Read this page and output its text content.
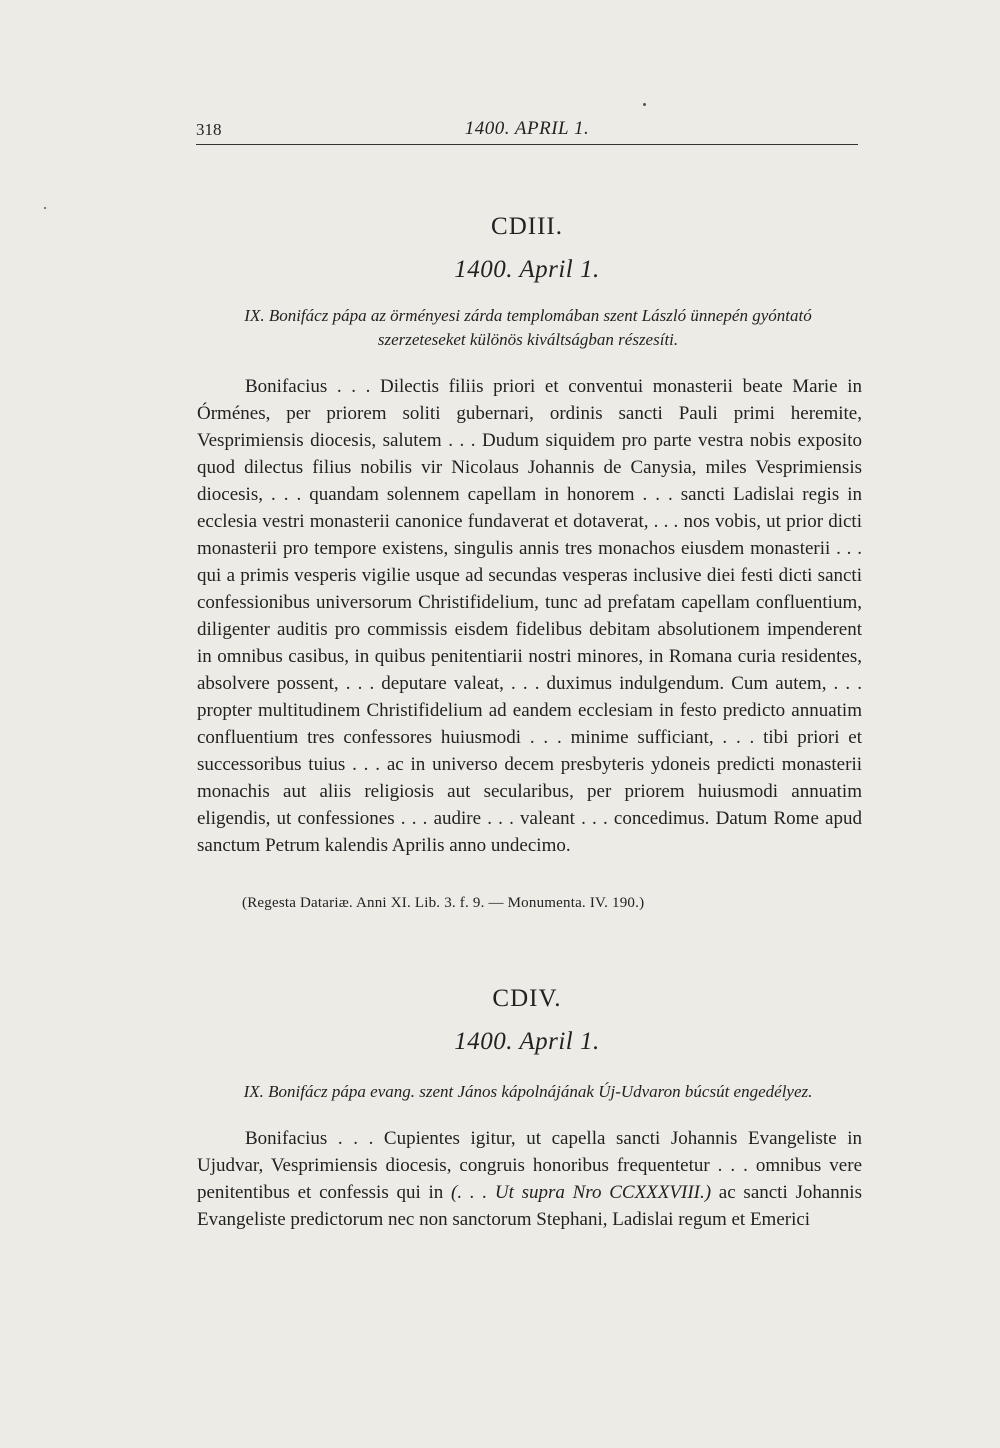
318	1400. APRIL 1.
CDIII.
1400. April 1.
IX. Bonifácz pápa az örményesi zárda templomában szent László ünnepén gyóntató szerzeteseket különös kiváltságban részesíti.

Bonifacius . . . Dilectis filiis priori et conventui monasterii beate Marie in Órménes, per priorem soliti gubernari, ordinis sancti Pauli primi heremite, Vesprimiensis diocesis, salutem . . . Dudum siquidem pro parte vestra nobis exposito quod dilectus filius nobilis vir Nicolaus Johannis de Canysia, miles Vesprimiensis diocesis, . . . quandam solennem capellam in honorem . . . sancti Ladislai regis in ecclesia vestri monasterii canonice fundaverat et dotaverat, . . . nos vobis, ut prior dicti monasterii pro tempore existens, singulis annis tres monachos eiusdem monasterii . . . qui a primis vesperis vigilie usque ad secundas vesperas inclusive diei festi dicti sancti confessionibus universorum Christifidelium, tunc ad prefatam capellam confluentium, diligenter auditis pro commissis eisdem fidelibus debitam absolutionem impenderent in omnibus casibus, in quibus penitentiarii nostri minores, in Romana curia residentes, absolvere possent, . . . deputare valeat, . . . duximus indulgendum. Cum autem, . . . propter multitudinem Christifidelium ad eandem ecclesiam in festo predicto annuatim confluentium tres confessores huiusmodi . . . minime sufficiant, . . . tibi priori et successoribus tuius . . . ac in universo decem presbyteris ydoneis predicti monasterii monachis aut aliis religiosis aut secularibus, per priorem huiusmodi annuatim eligendis, ut confessiones . . . audire . . . valeant . . . concedimus. Datum Rome apud sanctum Petrum kalendis Aprilis anno undecimo.

(Regesta Datariæ. Anni XI. Lib. 3. f. 9. — Monumenta. IV. 190.)
CDIV.
1400. April 1.
IX. Bonifácz pápa evang. szent János kápolnájának Új-Udvaron búcsút engedélyez.

Bonifacius . . . Cupientes igitur, ut capella sancti Johannis Evangeliste in Ujudvar, Vesprimiensis diocesis, congruis honoribus frequentetur . . . omnibus vere penitentibus et confessis qui in (. . . Ut supra Nro CCXXXVIII.) ac sancti Johannis Evangeliste predictorum nec non sanctorum Stephani, Ladislai regum et Emerici
